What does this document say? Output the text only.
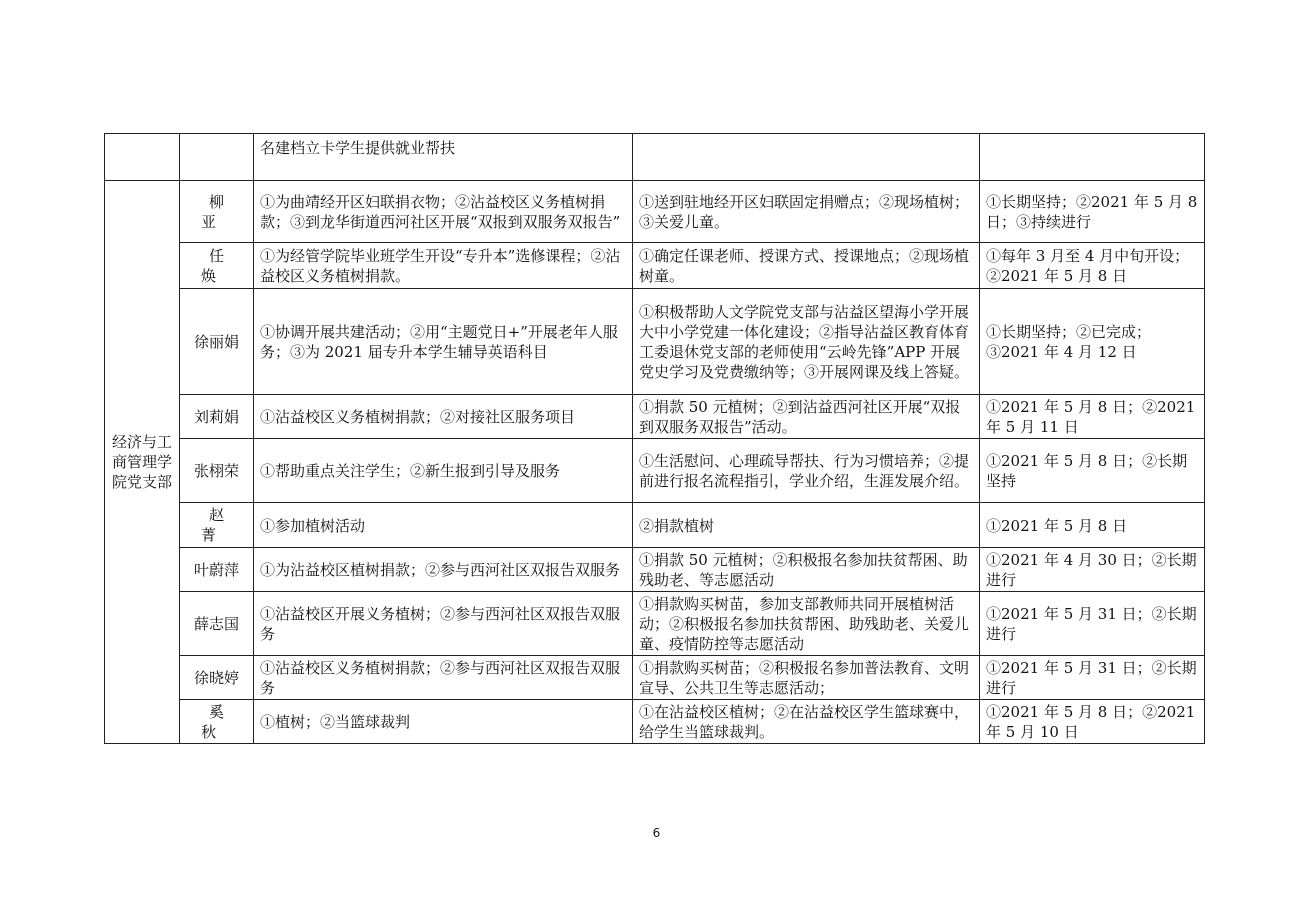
		名建档立卡学生提供就业帮扶		
经济与工商管理学院党支部	柳亚	①为曲靖经开区妇联捐衣物；②沾益校区义务植树捐款；③到龙华街道西河社区开展“双报到双服务双报告”	①送到驻地经开区妇联固定捐赠点；②现场植树；③关爱儿童。	①长期坚持；②2021 年 5 月 8 日；③持续进行
	任焕	①为经管学院毕业班学生开设“专升本”选修课程；②沾益校区义务植树捐款。	①确定任课老师、授课方式、授课地点；②现场植树童。	①每年 3 月至 4 月中旬开设；②2021 年 5 月 8 日
	徐丽娟	①协调开展共建活动；②用“主题党日+”开展老年人服务；③为 2021 届专升本学生辅导英语科目	①积极帮助人文学院党支部与沾益区望海小学开展大中小学党建一体化建设；②指导沾益区教育体育工委退休党支部的老师使用“云岭先锋”APP 开展党史学习及党费缴纳等；③开展网课及线上答疑。	①长期坚持；②已完成；③2021 年 4 月 12 日
	刘莉娟	①沾益校区义务植树捐款；②对接社区服务项目	①捐款 50 元植树；②到沾益西河社区开展“双报到双服务双报告”活动。	①2021 年 5 月 8 日；②2021 年 5 月 11 日
	张栩荣	①帮助重点关注学生；②新生报到引导及服务	①生活慰问、心理疏导帮扶、行为习惯培养；②提前进行报名流程指引，学业介绍，生涯发展介绍。	①2021 年 5 月 8 日；②长期坚持
	赵菁	①参加植树活动	②捐款植树	①2021 年 5 月 8 日
	叶蔚萍	①为沾益校区植树捐款；②参与西河社区双报告双服务	①捐款 50 元植树；②积极报名参加扶贫帮困、助残助老、等志愿活动	①2021 年 4 月 30 日；②长期进行
	薛志国	①沾益校区开展义务植树；②参与西河社区双报告双服务	①捐款购买树苗，参加支部教师共同开展植树活动；②积极报名参加扶贫帮困、助残助老、关爱儿童、疫情防控等志愿活动	①2021 年 5 月 31 日；②长期进行
	徐晓婷	①沾益校区义务植树捐款；②参与西河社区双报告双服务	①捐款购买树苗；②积极报名参加普法教育、文明宣导、公共卫生等志愿活动；	①2021 年 5 月 31 日；②长期进行
	奚秋	①植树；②当篮球裁判	①在沾益校区植树；②在沾益校区学生篮球赛中，给学生当篮球裁判。	①2021 年 5 月 8 日；②2021 年 5 月 10 日
6
